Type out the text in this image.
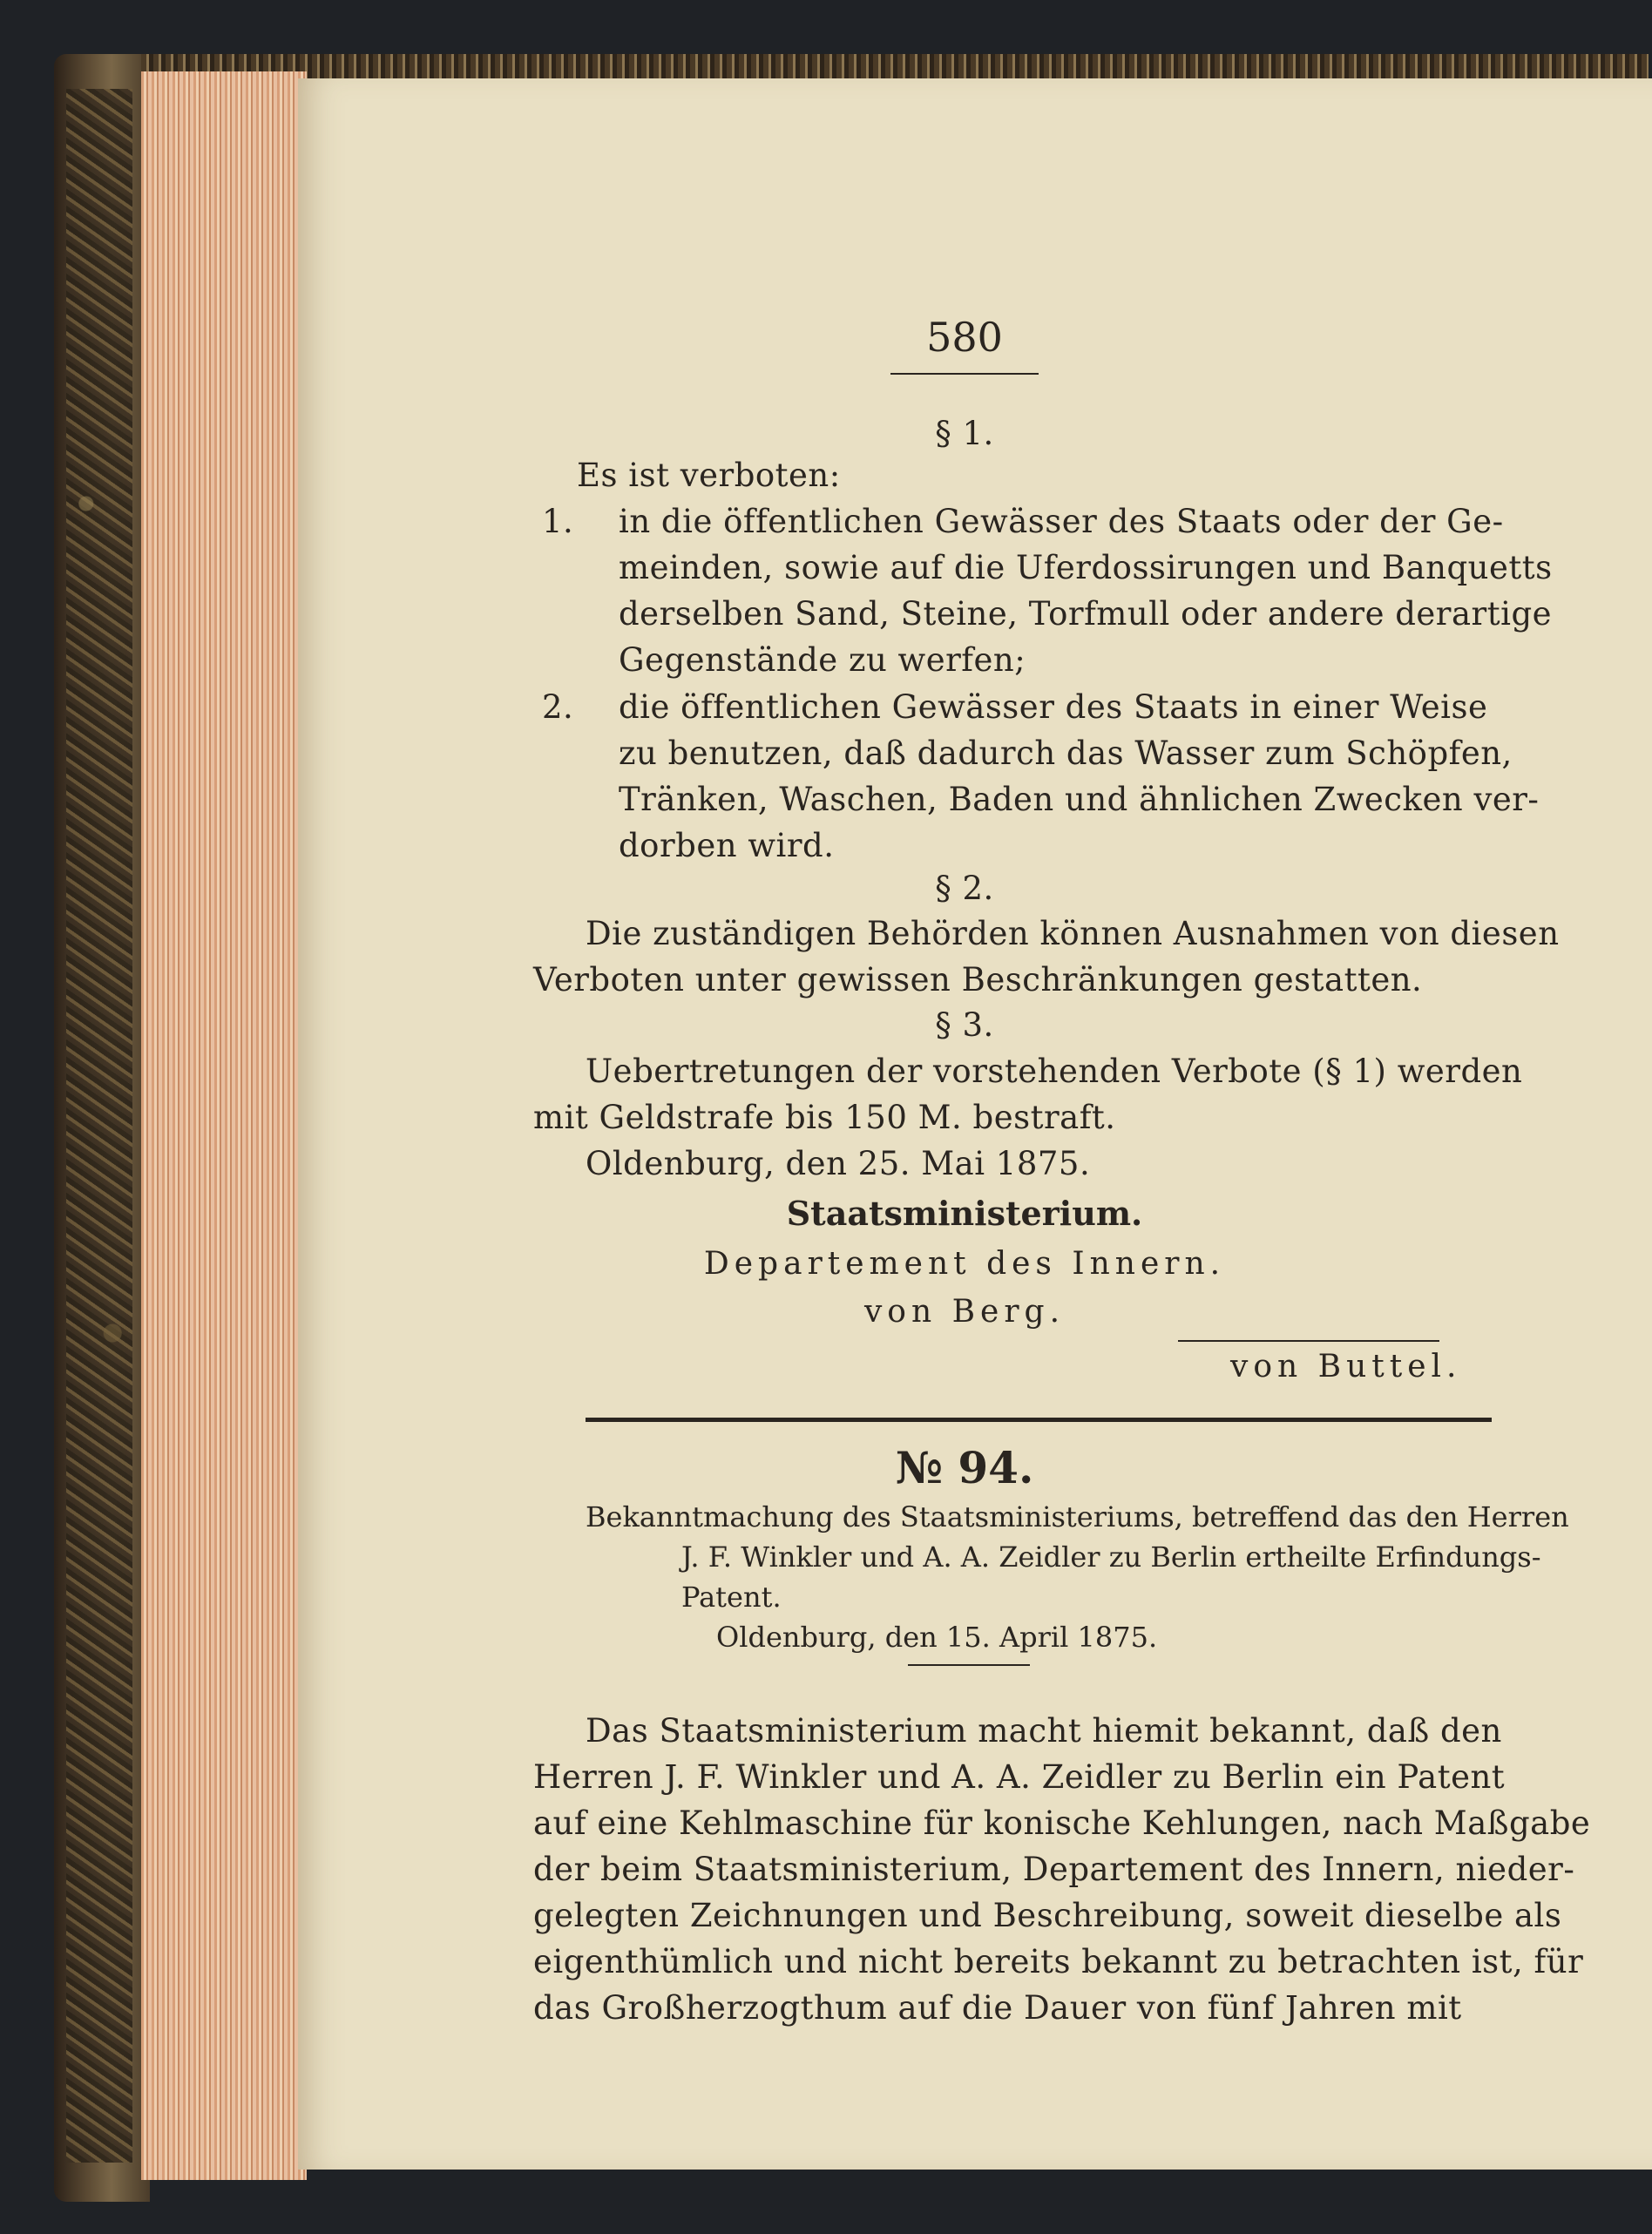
580
§ 1.
Es ist verboten:
1. in die öffentlichen Gewässer des Staats oder der Ge-
meinden, sowie auf die Uferdossirungen und Banquetts
derselben Sand, Steine, Torfmull oder andere derartige
Gegenstände zu werfen;
2. die öffentlichen Gewässer des Staats in einer Weise
zu benutzen, daß dadurch das Wasser zum Schöpfen,
Tränken, Waschen, Baden und ähnlichen Zwecken ver-
dorben wird.
§ 2.
Die zuständigen Behörden können Ausnahmen von diesen
Verboten unter gewissen Beschränkungen gestatten.
§ 3.
Uebertretungen der vorstehenden Verbote (§ 1) werden
mit Geldstrafe bis 150 M. bestraft.
Oldenburg, den 25. Mai 1875.
Staatsministerium.
Departement des Innern.
von Berg.
von Buttel.
№ 94.
Bekanntmachung des Staatsministeriums, betreffend das den Herren
J. F. Winkler und A. A. Zeidler zu Berlin ertheilte Erfindungs-
Patent.
Oldenburg, den 15. April 1875.
Das Staatsministerium macht hiemit bekannt, daß den
Herren J. F. Winkler und A. A. Zeidler zu Berlin ein Patent
auf eine Kehlmaschine für konische Kehlungen, nach Maßgabe
der beim Staatsministerium, Departement des Innern, nieder-
gelegten Zeichnungen und Beschreibung, soweit dieselbe als
eigenthümlich und nicht bereits bekannt zu betrachten ist, für
das Großherzogthum auf die Dauer von fünf Jahren mit
